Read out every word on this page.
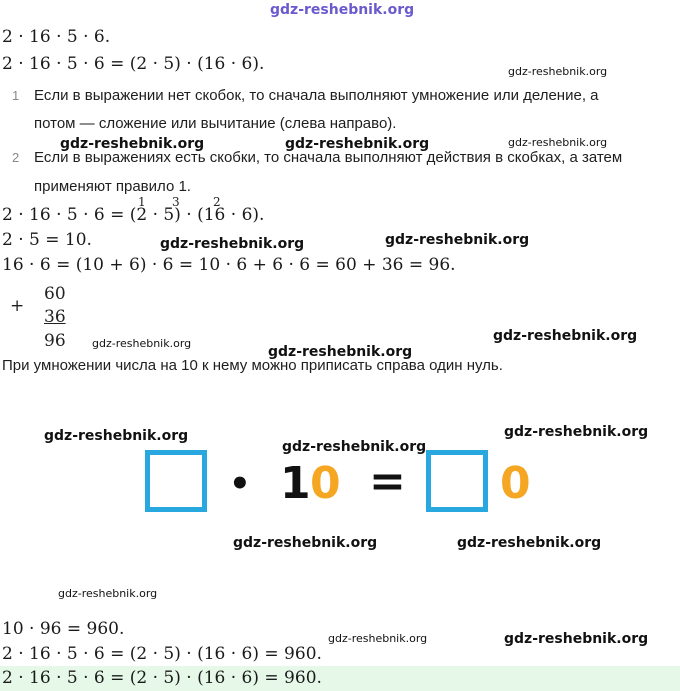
gdz-reshebnik.org
2 · 16 · 5 · 6.
2 · 16 · 5 · 6 = (2 · 5) · (16 · 6).	gdz-reshebnik.org
1 Если в выражении нет скобок, то сначала выполняют умножение или деление, а
потом — сложение или вычитание (слева направо).
gdz-reshebnik.org	gdz-reshebnik.org	gdz-reshebnik.org
2 Если в выражениях есть скобки, то сначала выполняют действия в скобках, а затем
применяют правило 1.
2 · 16 · 5 · 6 = (2 · 5) · (16 · 6).
1 3	2
2 · 5 = 10.	gdz-reshebnik.org	gdz-reshebnik.org
16 · 6 = (10 + 6) · 6 = 10 · 6 + 6 · 6 = 60 + 36 = 96.
+
60
36
96 gdz-reshebnik.org	gdz-reshebnik.org
gdz-reshebnik.org
При умножении числа на 10 к нему можно приписать справа один нуль.
gdz-reshebnik.org
gdz-reshebnik.org
gdz-reshebnik.org
• 1 0 = 0
gdz-reshebnik.org	gdz-reshebnik.org
gdz-reshebnik.org
10 · 96 = 960.	gdz-reshebnik.org	gdz-reshebnik.org
2 · 16 · 5 · 6 = (2 · 5) · (16 · 6) = 960.
2 · 16 · 5 · 6 = (2 · 5) · (16 · 6) = 960.
